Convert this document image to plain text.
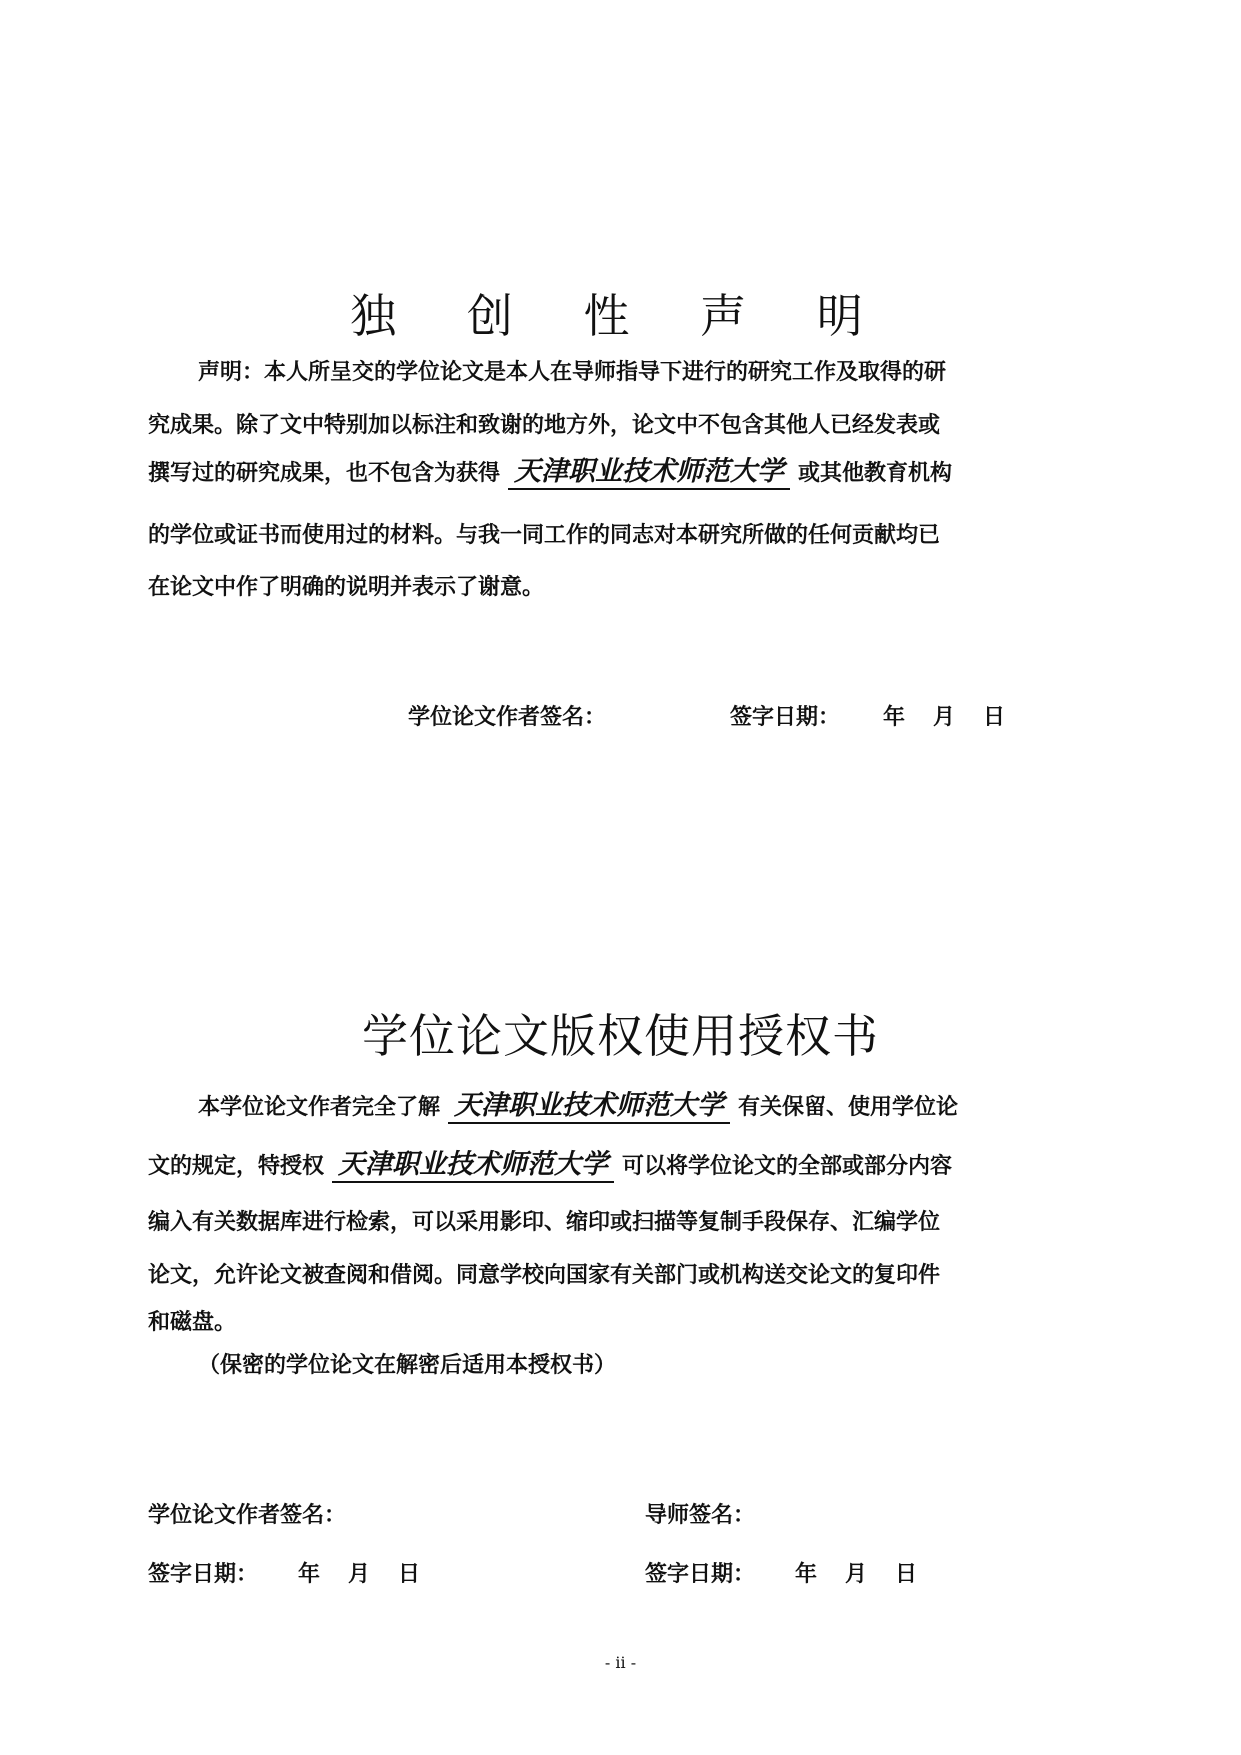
独 创 性 声 明
声明：本人所呈交的学位论文是本人在导师指导下进行的研究工作及取得的研
究成果。除了文中特别加以标注和致谢的地方外，论文中不包含其他人已经发表或
撰写过的研究成果，也不包含为获得 天津职业技术师范大学 或其他教育机构
的学位或证书而使用过的材料。与我一同工作的同志对本研究所做的任何贡献均已
在论文中作了明确的说明并表示了谢意。
学位论文作者签名：	签字日期： 年 月 日
学位论文版权使用授权书
本学位论文作者完全了解 天津职业技术师范大学 有关保留、使用学位论
文的规定，特授权 天津职业技术师范大学 可以将学位论文的全部或部分内容
编入有关数据库进行检索，可以采用影印、缩印或扫描等复制手段保存、汇编学位
论文，允许论文被查阅和借阅。同意学校向国家有关部门或机构送交论文的复印件
和磁盘。
（保密的学位论文在解密后适用本授权书）
学位论文作者签名：	导师签名：
签字日期： 年 月 日	签字日期： 年 月 日
- ii -
